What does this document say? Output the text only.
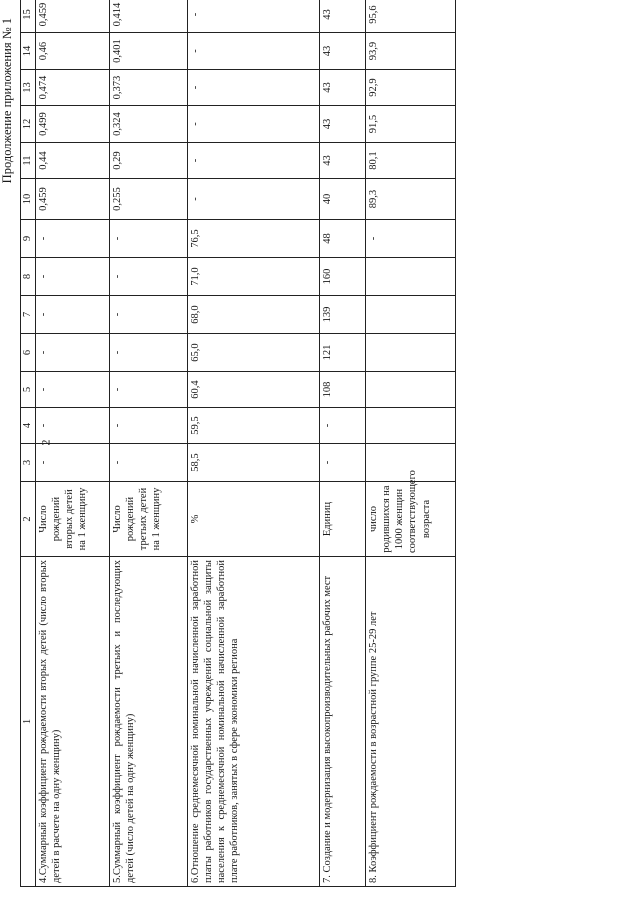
2
Продолжение приложения № 1
1	2	3	4	5	6	7	8	9	10	11	12	13	14	15
4.Суммарный коэффициент рождаемости вторых детей (число вторых детей в расчете на одну женщину)	Число рождений вторых детей на 1 женщину	-	-	-	-	-	-	-	0,459	0,44	0,499	0,474	0,46	0,459
5.Суммарный коэффициент рождаемости третьих и последующих детей (число детей на одну женщину)	Число рождений третьих детей на 1 женщину	-	-	-	-	-	-	-	0,255	0,29	0,324	0,373	0,401	0,414
6.Отношение среднемесячной номинальной начисленной заработной платы работников государственных учреждений социальной защиты населения к среднемесячной номинальной начисленной заработной плате работников, занятых в сфере экономики региона	%	58,5	59,5	60,4	65,0	68,0	71,0	76,5	-	-	-	-	-	-
7. Создание и модернизация высокопроизводительных рабочих мест	Единиц	-	-	108	121	139	160	48	40	43	43	43	43	43
8. Коэффициент рождаемости в возрастной группе 25-29 лет	число родившихся на 1000 женщин соответствующего возраста							-	89,3	80,1	91,5	92,9	93,9	95,6
